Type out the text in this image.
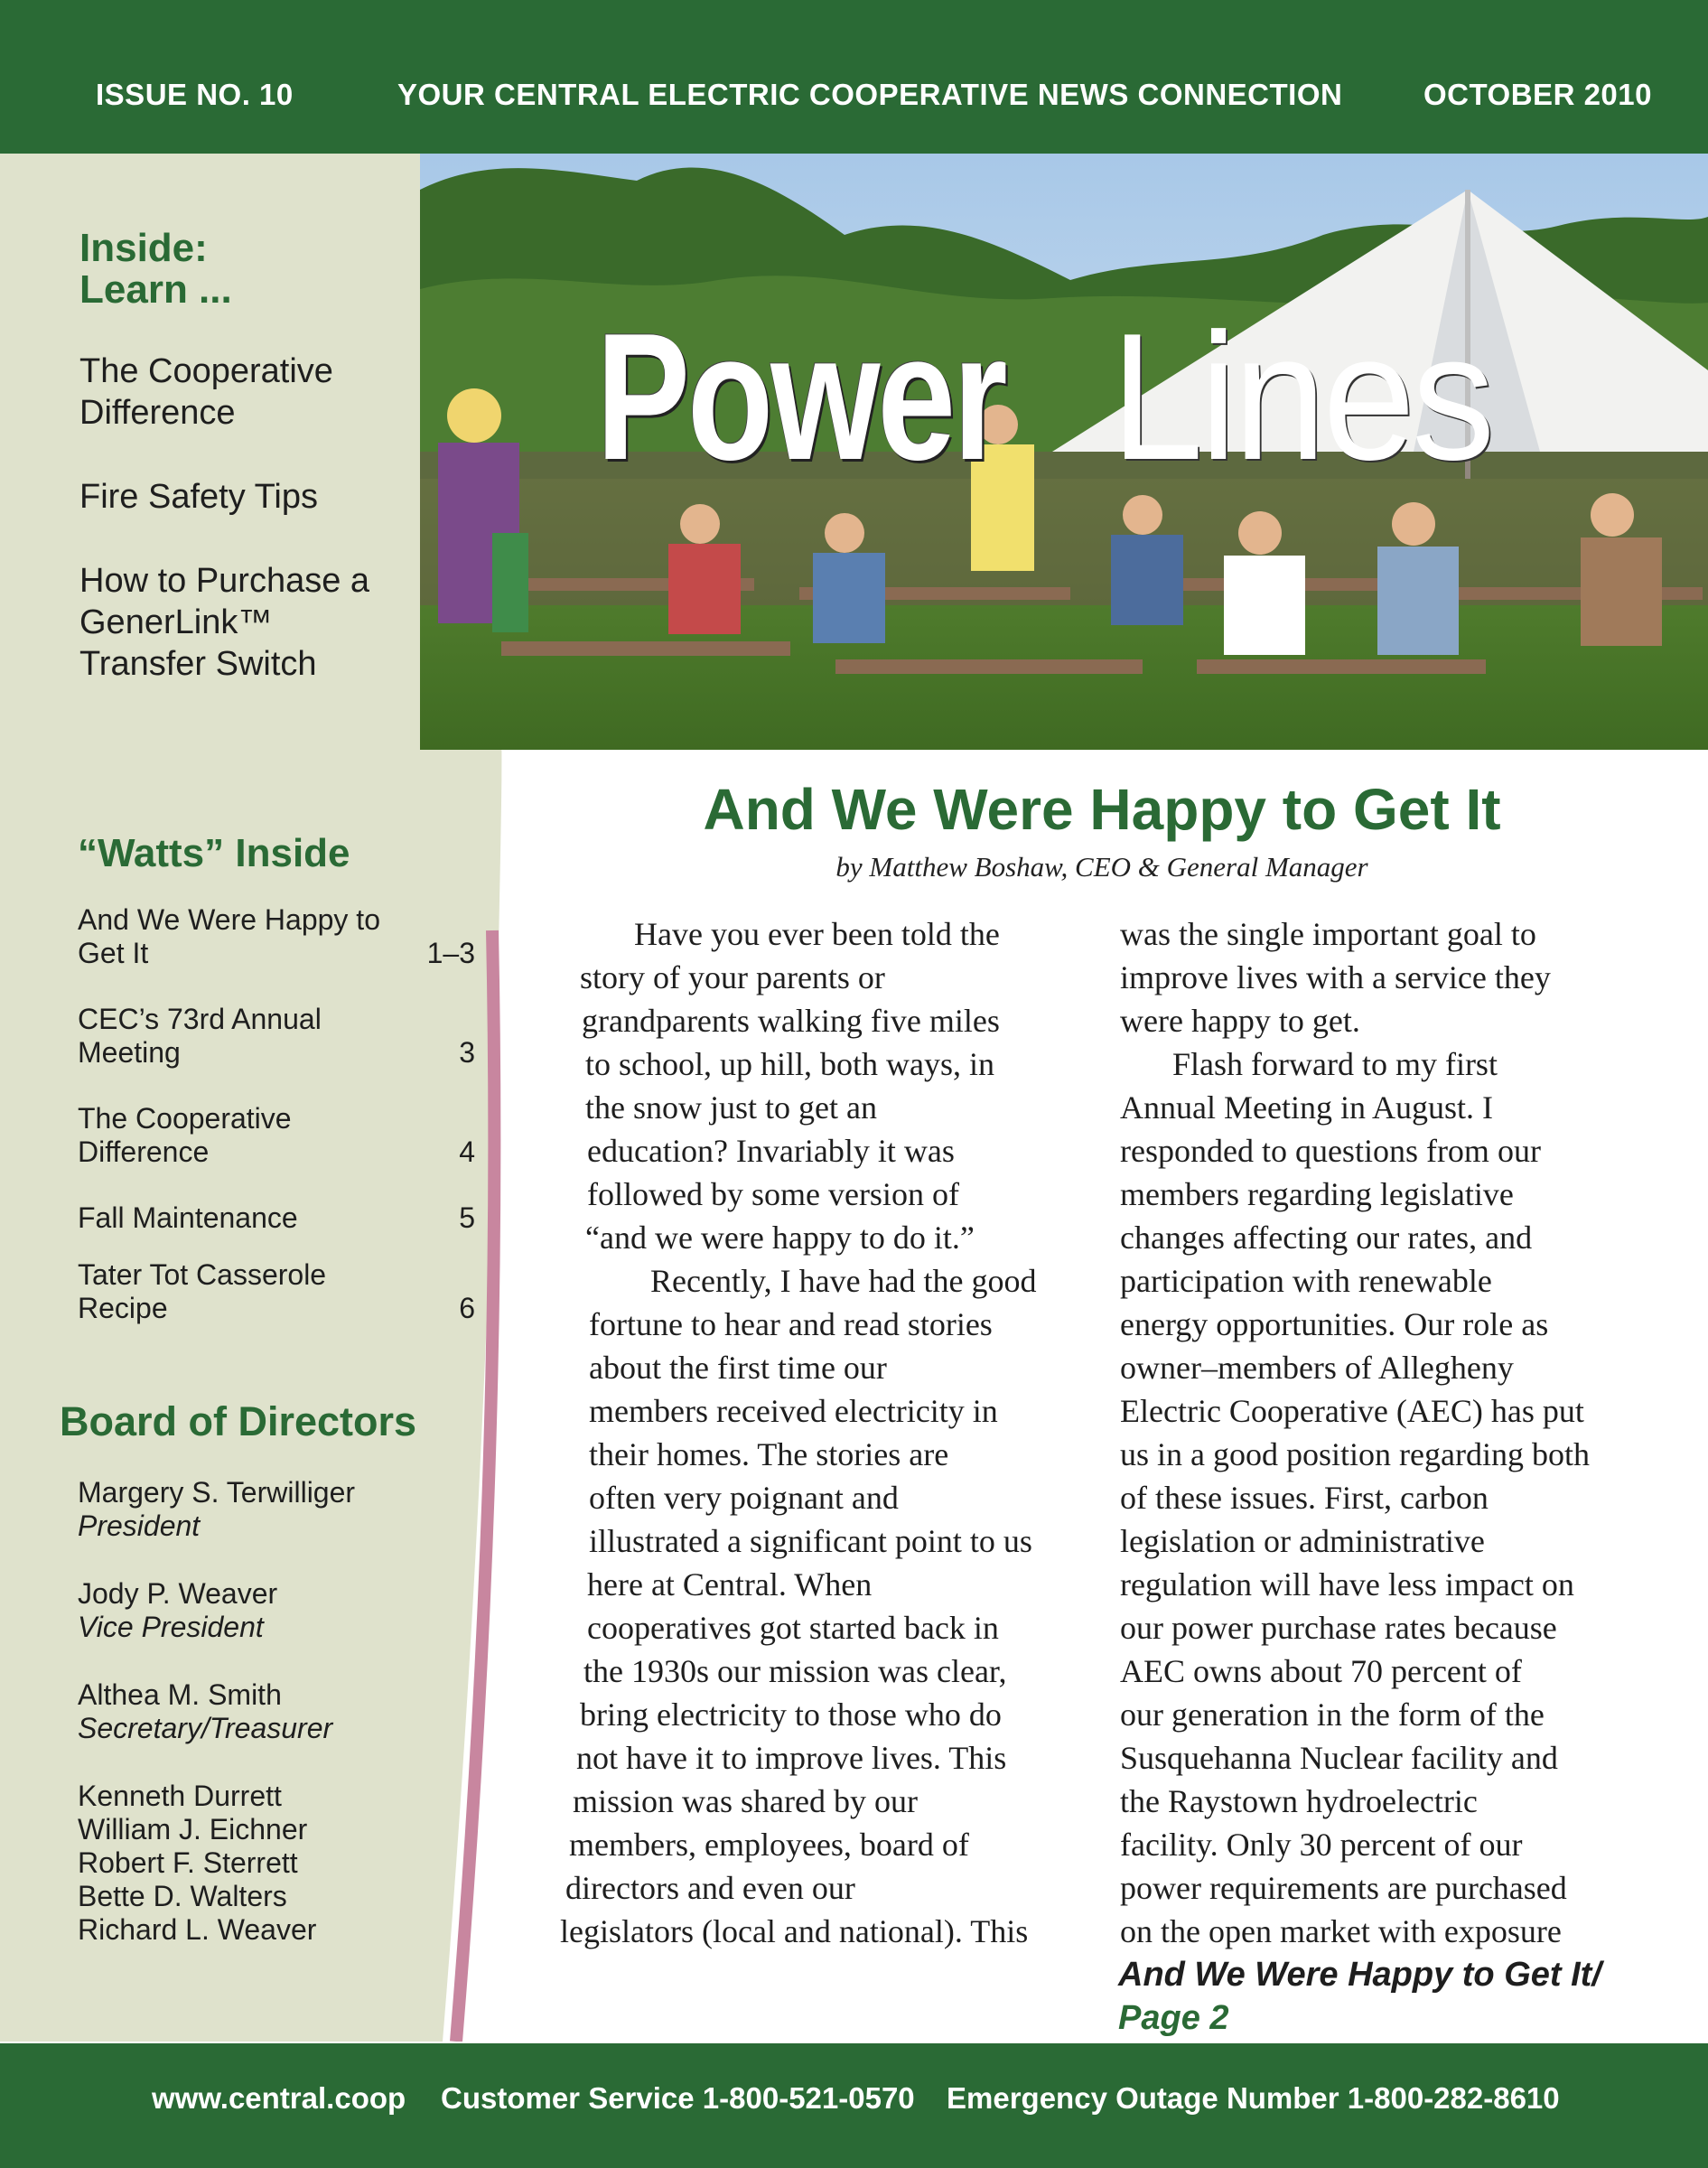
ISSUE NO. 10	YOUR CENTRAL ELECTRIC COOPERATIVE NEWS CONNECTION	OCTOBER 2010
Power Lines
Inside:
Learn ...
The Cooperative
Difference
Fire Safety Tips
How to Purchase a
GenerLink™
Transfer Switch
“Watts” Inside
And We Were Happy to
Get It	1–3
CEC’s 73rd Annual
Meeting	3
The Cooperative
Difference	4
Fall Maintenance	5
Tater Tot Casserole Recipe	6
Board of Directors
Margery S. Terwilliger
President
Jody P. Weaver
Vice President
Althea M. Smith
Secretary/Treasurer
Kenneth Durrett
William J. Eichner
Robert F. Sterrett
Bette D. Walters
Richard L. Weaver
And We Were Happy to Get It
by Matthew Boshaw, CEO & General Manager
Have you ever been told the
story of your parents or
grandparents walking five miles
to school, up hill, both ways, in
the snow just to get an
education? Invariably it was
followed by some version of
“and we were happy to do it.”
Recently, I have had the good
fortune to hear and read stories
about the first time our
members received electricity in
their homes. The stories are
often very poignant and
illustrated a significant point to us
here at Central. When
cooperatives got started back in
the 1930s our mission was clear,
bring electricity to those who do
not have it to improve lives. This
mission was shared by our
members, employees, board of
directors and even our
legislators (local and national). This
was the single important goal to
improve lives with a service they
were happy to get.
Flash forward to my first
Annual Meeting in August. I
responded to questions from our
members regarding legislative
changes affecting our rates, and
participation with renewable
energy opportunities. Our role as
owner–members of Allegheny
Electric Cooperative (AEC) has put
us in a good position regarding both
of these issues. First, carbon
legislation or administrative
regulation will have less impact on
our power purchase rates because
AEC owns about 70 percent of
our generation in the form of the
Susquehanna Nuclear facility and
the Raystown hydroelectric
facility. Only 30 percent of our
power requirements are purchased
on the open market with exposure
And We Were Happy to Get It/
Page 2
www.central.coop Customer Service 1-800-521-0570 Emergency Outage Number 1-800-282-8610
